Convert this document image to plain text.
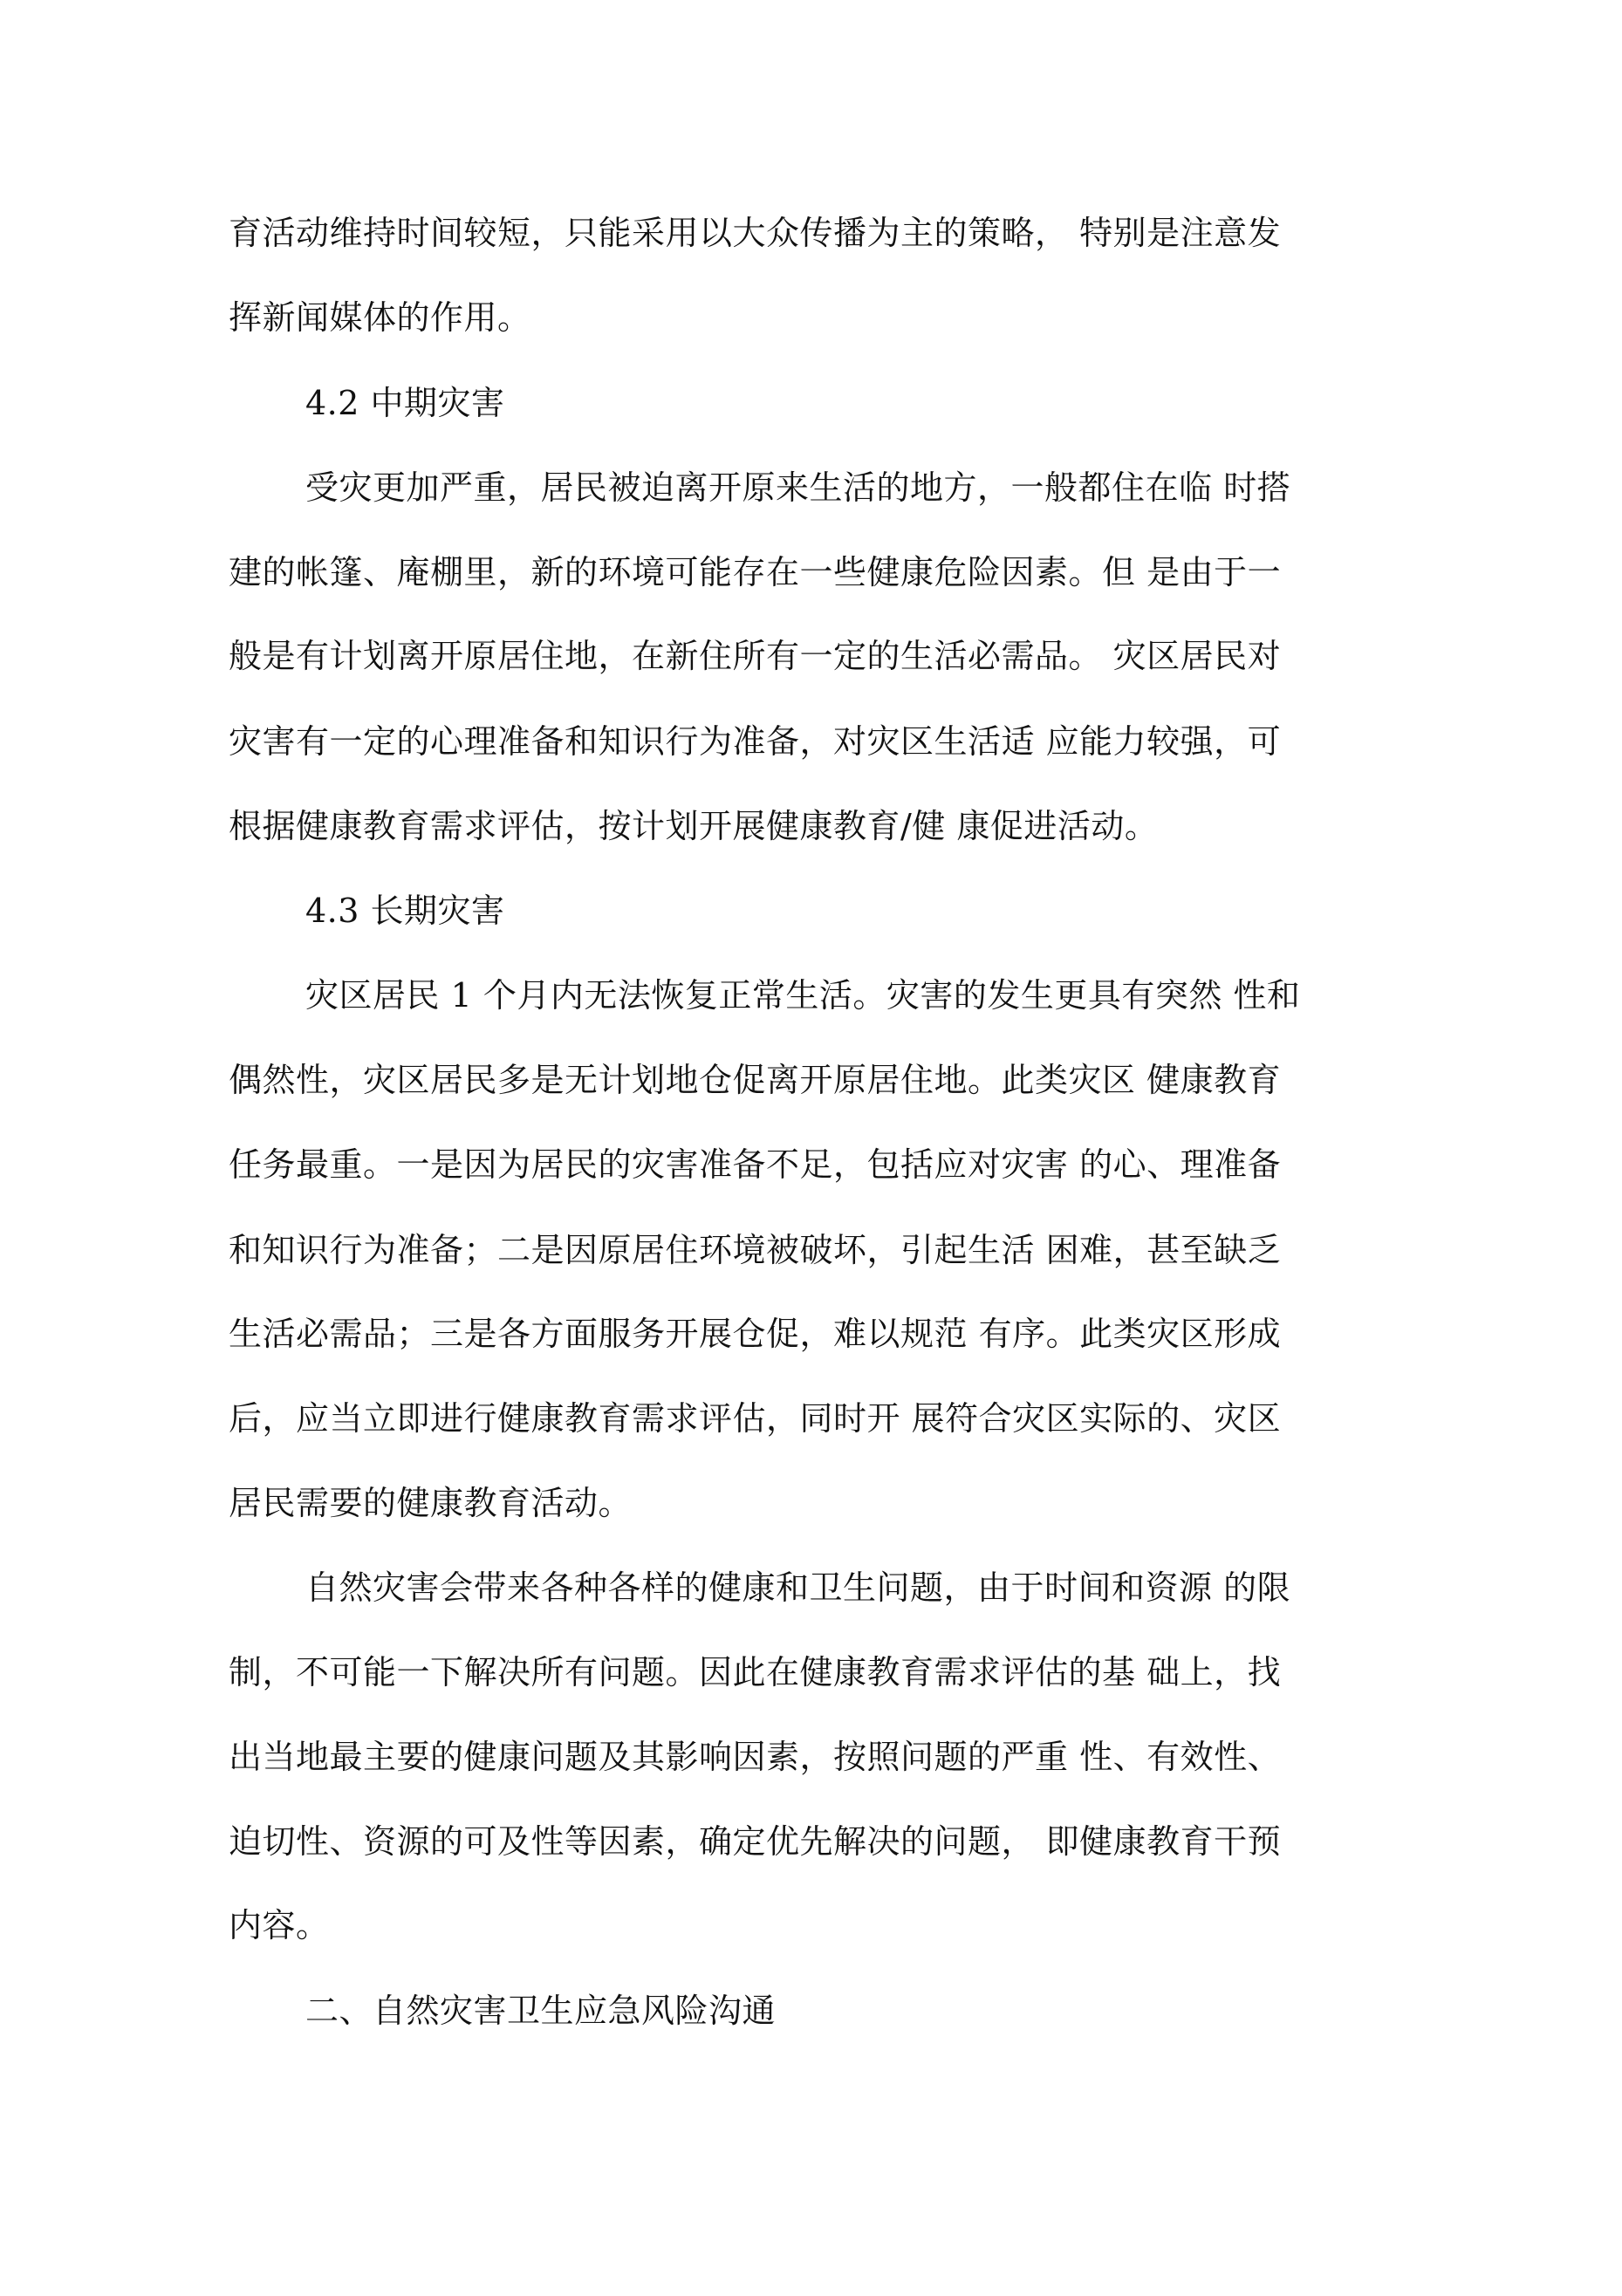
育活动维持时间较短，只能采用以大众传播为主的策略， 特别是注意发

挥新闻媒体的作用。

4.2 中期灾害

受灾更加严重，居民被迫离开原来生活的地方，一般都住在临 时搭

建的帐篷、庵棚里，新的环境可能存在一些健康危险因素。但 是由于一

般是有计划离开原居住地，在新住所有一定的生活必需品。 灾区居民对

灾害有一定的心理准备和知识行为准备，对灾区生活适 应能力较强，可

根据健康教育需求评估，按计划开展健康教育/健 康促进活动。

4.3 长期灾害

灾区居民 1 个月内无法恢复正常生活。灾害的发生更具有突然 性和

偶然性，灾区居民多是无计划地仓促离开原居住地。此类灾区 健康教育

任务最重。一是因为居民的灾害准备不足，包括应对灾害 的心、理准备

和知识行为准备；二是因原居住环境被破坏，引起生活 困难，甚至缺乏

生活必需品；三是各方面服务开展仓促，难以规范 有序。此类灾区形成

后，应当立即进行健康教育需求评估，同时开 展符合灾区实际的、灾区

居民需要的健康教育活动。

自然灾害会带来各种各样的健康和卫生问题，由于时间和资源 的限

制，不可能一下解决所有问题。因此在健康教育需求评估的基 础上，找

出当地最主要的健康问题及其影响因素，按照问题的严重 性、有效性、

迫切性、资源的可及性等因素，确定优先解决的问题， 即健康教育干预

内容。

二、自然灾害卫生应急风险沟通
